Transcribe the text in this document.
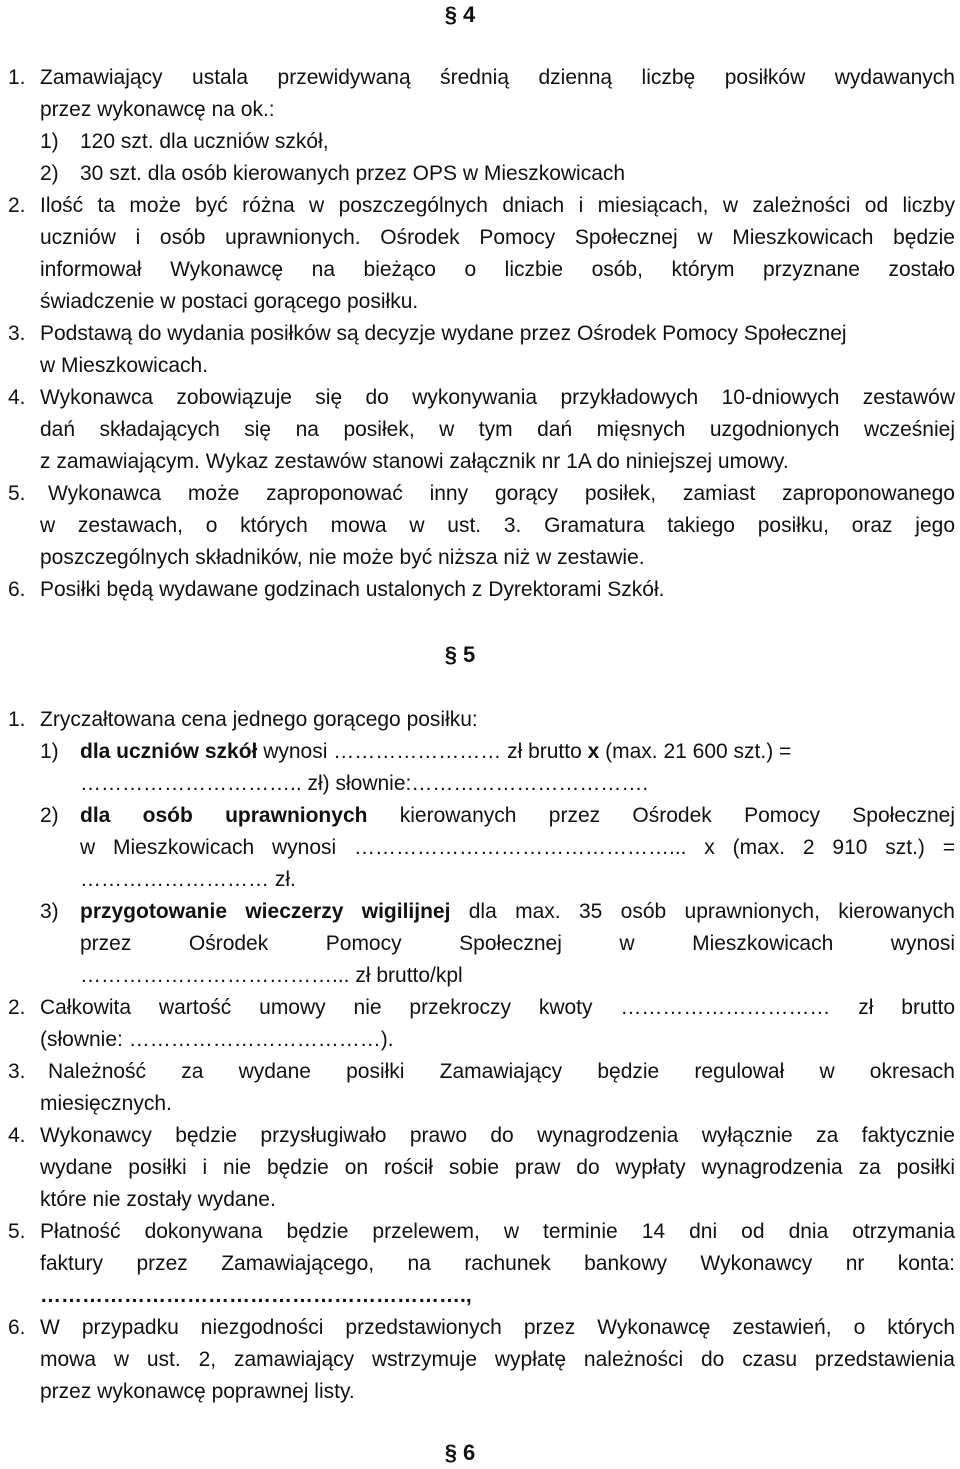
§ 4
1. Zamawiający ustala przewidywaną średnią dzienną liczbę posiłków wydawanych
przez wykonawcę na ok.:
1)	120 szt. dla uczniów szkół,
2)	30 szt. dla osób kierowanych przez OPS w Mieszkowicach
2. Ilość ta może być różna w poszczególnych dniach i miesiącach, w zależności od liczby
uczniów i osób uprawnionych. Ośrodek Pomocy Społecznej w Mieszkowicach będzie
informował Wykonawcę na bieżąco o liczbie osób, którym przyznane zostało
świadczenie w postaci gorącego posiłku.
3. Podstawą do wydania posiłków są decyzje wydane przez Ośrodek Pomocy Społecznej
w Mieszkowicach.
4. Wykonawca zobowiązuje się do wykonywania przykładowych 10-dniowych zestawów
dań składających się na posiłek, w tym dań mięsnych uzgodnionych wcześniej
z zamawiającym. Wykaz zestawów stanowi załącznik nr 1A do niniejszej umowy.
5.	Wykonawca może zaproponować inny gorący posiłek, zamiast zaproponowanego
w zestawach, o których mowa w ust. 3. Gramatura takiego posiłku, oraz jego
poszczególnych składników, nie może być niższa niż w zestawie.
6. Posiłki będą wydawane godzinach ustalonych z Dyrektorami Szkół.
§ 5
1. Zryczałtowana cena jednego gorącego posiłku:
1)	dla uczniów szkół wynosi …………………… zł brutto x (max. 21 600 szt.) =
………………………….. zł) słownie:…………………………….
2)	dla osób uprawnionych kierowanych przez Ośrodek Pomocy Społecznej
w Mieszkowicach wynosi ………………………………………... x (max. 2 910 szt.) =
……………………… zł.
3)	przygotowanie wieczerzy wigilijnej dla max. 35 osób uprawnionych, kierowanych
przez Ośrodek Pomocy Społecznej w Mieszkowicach wynosi
………………………………... zł brutto/kpl
2. Całkowita wartość umowy nie przekroczy kwoty ………………………… zł brutto
(słownie: ………………………………).
3.	Należność za wydane posiłki Zamawiający będzie regulował w okresach
miesięcznych.
4. Wykonawcy będzie przysługiwało prawo do wynagrodzenia wyłącznie za faktycznie
wydane posiłki i nie będzie on rościł sobie praw do wypłaty wynagrodzenia za posiłki
które nie zostały wydane.
5. Płatność dokonywana będzie przelewem, w terminie 14 dni od dnia otrzymania
faktury przez Zamawiającego, na rachunek bankowy Wykonawcy nr konta:
…………………………………………………….,
6. W przypadku niezgodności przedstawionych przez Wykonawcę zestawień, o których
mowa w ust. 2, zamawiający wstrzymuje wypłatę należności do czasu przedstawienia
przez wykonawcę poprawnej listy.
§ 6
